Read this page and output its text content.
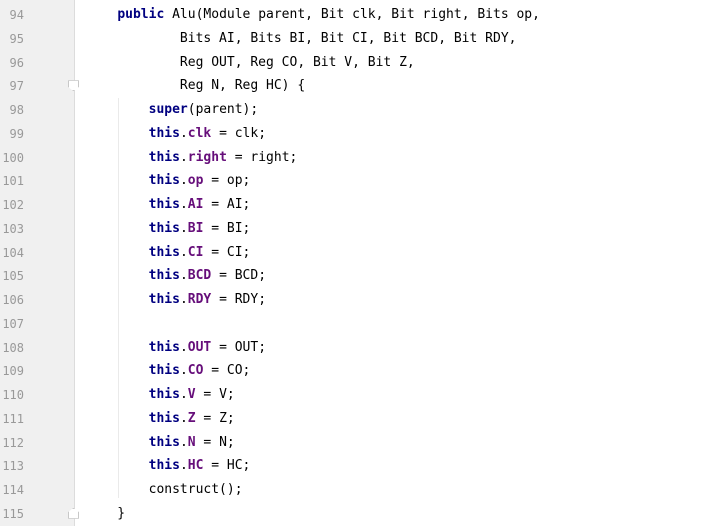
94	public Alu(Module parent, Bit clk, Bit right, Bits op,
95	Bits AI, Bits BI, Bit CI, Bit BCD, Bit RDY,
96	Reg OUT, Reg CO, Bit V, Bit Z,
97	Reg N, Reg HC) {
98	super(parent);
99	this.clk = clk;
100	this.right = right;
101	this.op = op;
102	this.AI = AI;
103	this.BI = BI;
104	this.CI = CI;
105	this.BCD = BCD;
106	this.RDY = RDY;
107
108	this.OUT = OUT;
109	this.CO = CO;
110	this.V = V;
111	this.Z = Z;
112	this.N = N;
113	this.HC = HC;
114	construct();
115	}
